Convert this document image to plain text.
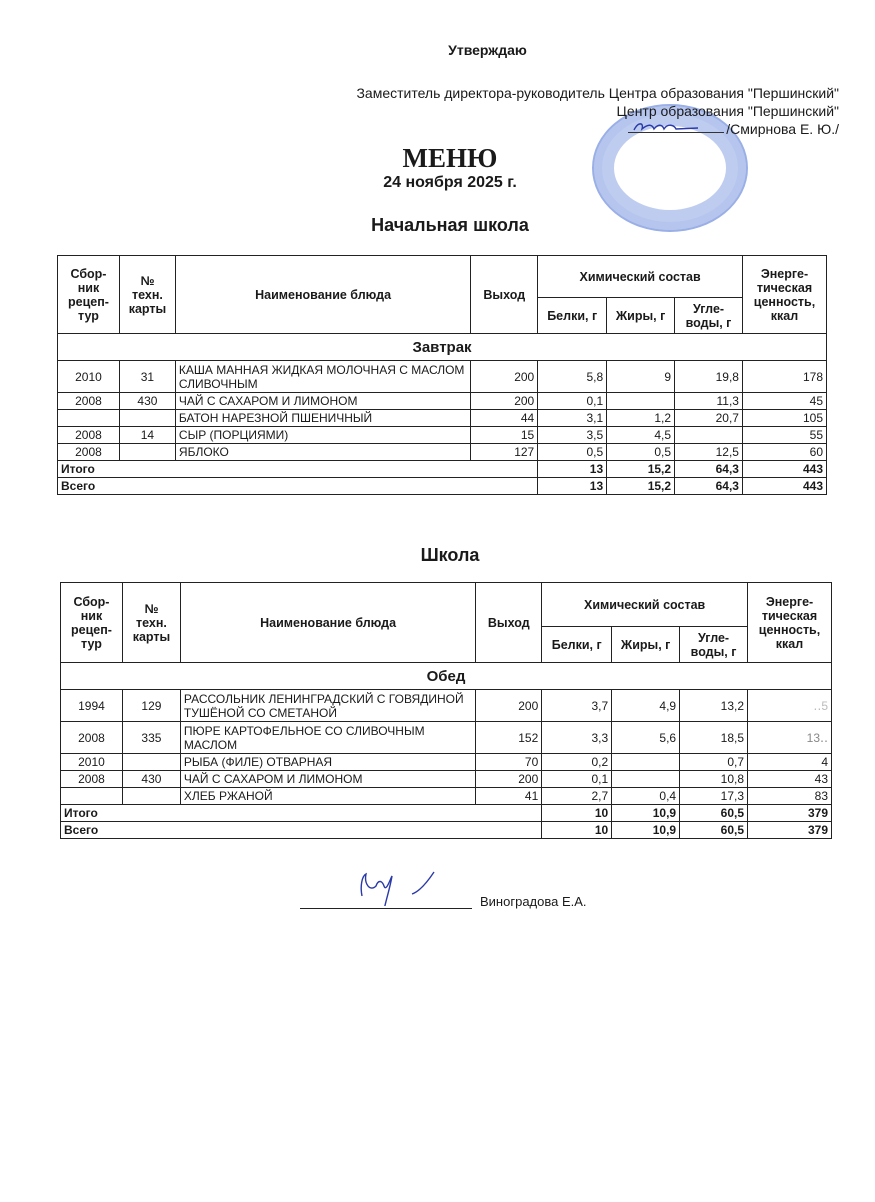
Утверждаю
Заместитель директора-руководитель Центра образования "Першинский"
Центр образования "Першинский"
/Смирнова Е. Ю./
МЕНЮ
24 ноября 2025 г.
Начальная школа
Сбор-
ник
рецеп-
тур	№
техн.
карты	Наименование блюда	Выход	Химический состав			Энерге-
тическая
ценность,
ккал
				Белки, г	Жиры, г	Угле-
воды, г	
Завтрак							
2010	31	КАША МАННАЯ ЖИДКАЯ МОЛОЧНАЯ С МАСЛОМ СЛИВОЧНЫМ	200	5,8	9	19,8	178
2008	430	ЧАЙ С САХАРОМ И ЛИМОНОМ	200	0,1		11,3	45
		БАТОН НАРЕЗНОЙ ПШЕНИЧНЫЙ	44	3,1	1,2	20,7	105
2008	14	СЫР (ПОРЦИЯМИ)	15	3,5	4,5		55
2008		ЯБЛОКО	127	0,5	0,5	12,5	60
Итого				13	15,2	64,3	443
Всего				13	15,2	64,3	443
Школа
Сбор-
ник
рецеп-
тур	№
техн.
карты	Наименование блюда	Выход	Химический состав			Энерге-
тическая
ценность,
ккал
				Белки, г	Жиры, г	Угле-
воды, г	
Обед							
1994	129	РАССОЛЬНИК ЛЕНИНГРАДСКИЙ С ГОВЯДИНОЙ ТУШЁНОЙ СО СМЕТАНОЙ	200	3,7	4,9	13,2	‥5
2008	335	ПЮРЕ КАРТОФЕЛЬНОЕ СО СЛИВОЧНЫМ МАСЛОМ	152	3,3	5,6	18,5	13‥
2010		РЫБА (ФИЛЕ) ОТВАРНАЯ	70	0,2		0,7	4
2008	430	ЧАЙ С САХАРОМ И ЛИМОНОМ	200	0,1		10,8	43
		ХЛЕБ РЖАНОЙ	41	2,7	0,4	17,3	83
Итого				10	10,9	60,5	379
Всего				10	10,9	60,5	379
Виноградова Е.А.
